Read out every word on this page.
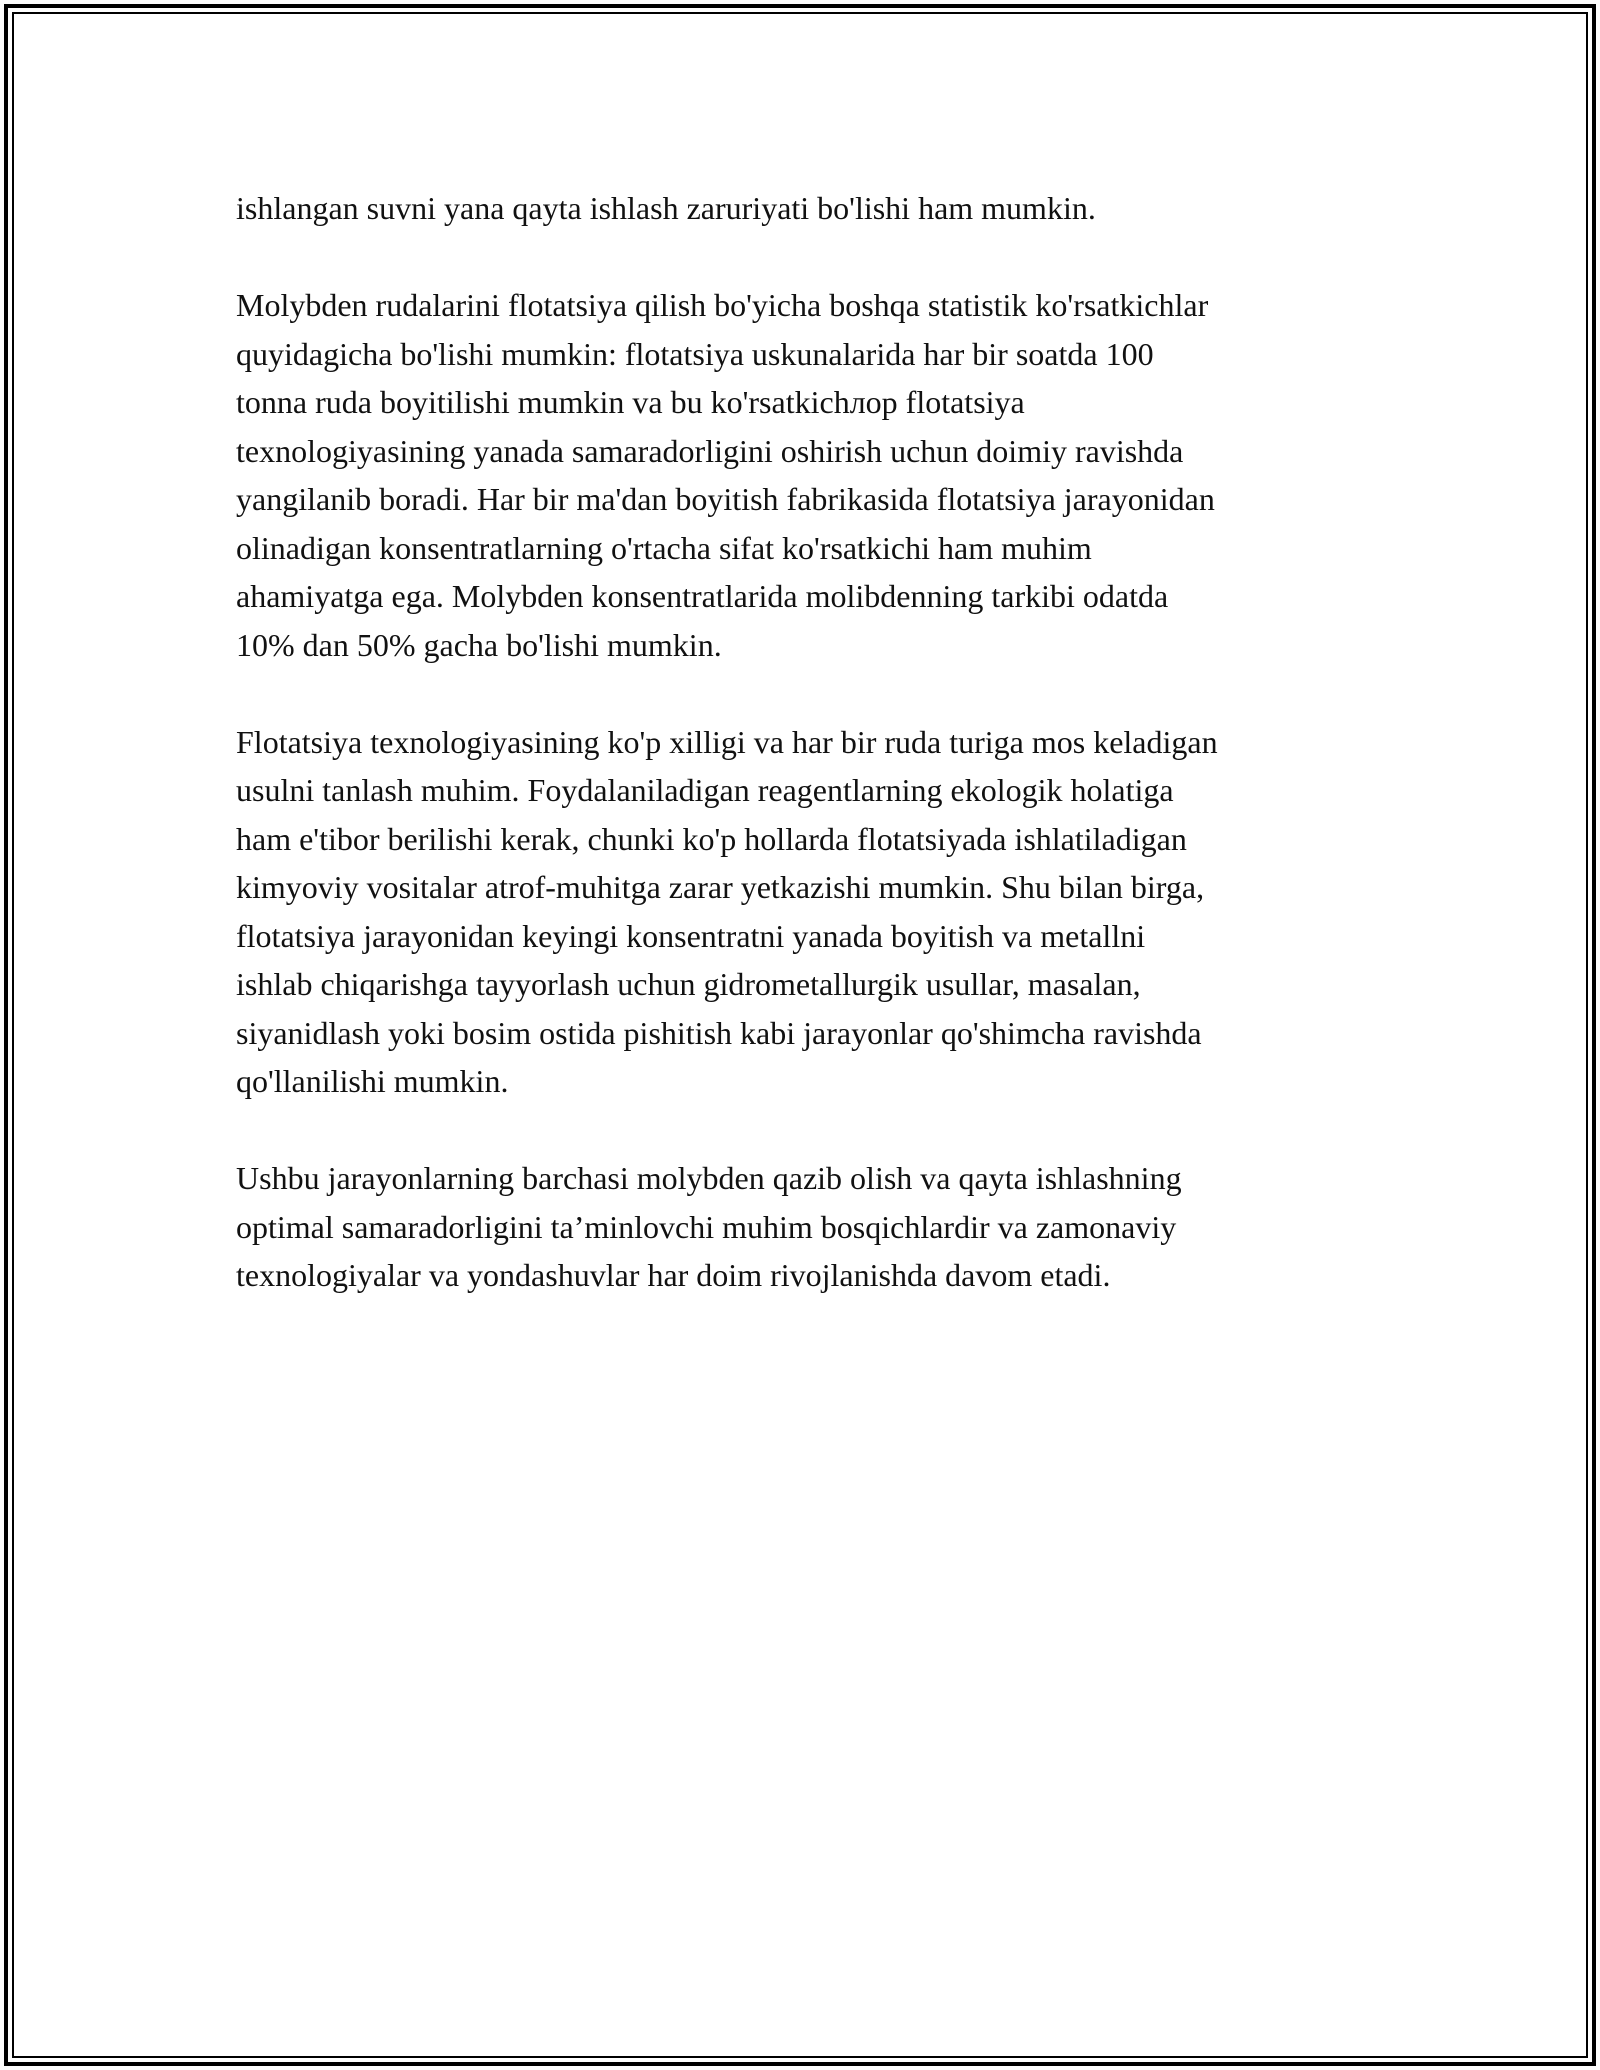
ishlangan suvni yana qayta ishlash zaruriyati bo'lishi ham mumkin.

Molybden rudalarini flotatsiya qilish bo'yicha boshqa statistik ko'rsatkichlar
quyidagicha bo'lishi mumkin: flotatsiya uskunalarida har bir soatda 100
tonna ruda boyitilishi mumkin va bu ko'rsatkichлор flotatsiya
texnologiyasining yanada samaradorligini oshirish uchun doimiy ravishda
yangilanib boradi. Har bir ma'dan boyitish fabrikasida flotatsiya jarayonidan
olinadigan konsentratlarning o'rtacha sifat ko'rsatkichi ham muhim
ahamiyatga ega. Molybden konsentratlarida molibdenning tarkibi odatda
10% dan 50% gacha bo'lishi mumkin.

Flotatsiya texnologiyasining ko'p xilligi va har bir ruda turiga mos keladigan
usulni tanlash muhim. Foydalaniladigan reagentlarning ekologik holatiga
ham e'tibor berilishi kerak, chunki ko'p hollarda flotatsiyada ishlatiladigan
kimyoviy vositalar atrof-muhitga zarar yetkazishi mumkin. Shu bilan birga,
flotatsiya jarayonidan keyingi konsentratni yanada boyitish va metallni
ishlab chiqarishga tayyorlash uchun gidrometallurgik usullar, masalan,
siyanidlash yoki bosim ostida pishitish kabi jarayonlar qo'shimcha ravishda
qo'llanilishi mumkin.

Ushbu jarayonlarning barchasi molybden qazib olish va qayta ishlashning
optimal samaradorligini ta’minlovchi muhim bosqichlardir va zamonaviy
texnologiyalar va yondashuvlar har doim rivojlanishda davom etadi.
